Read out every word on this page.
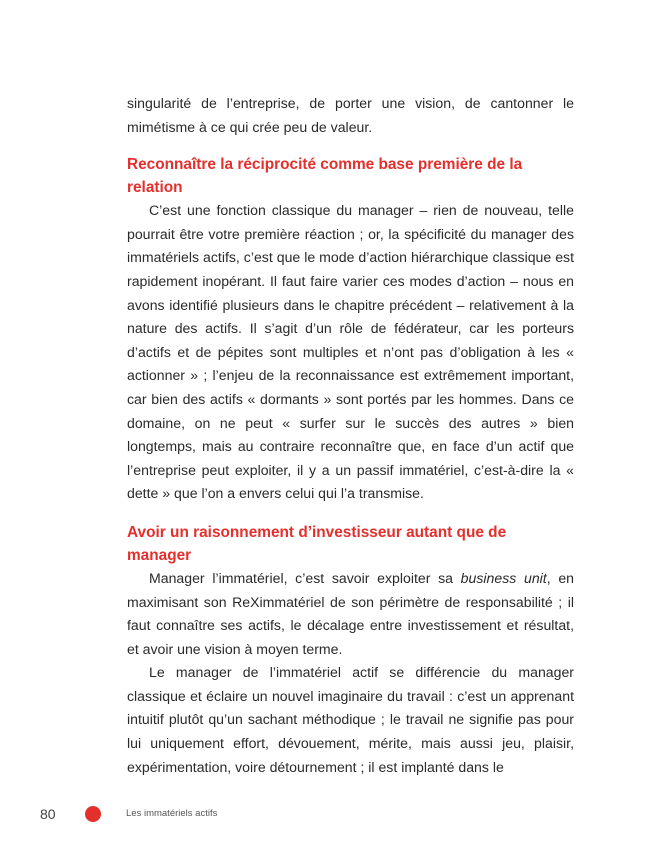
singularité de l’entreprise, de porter une vision, de cantonner le mimétisme à ce qui crée peu de valeur.

Reconnaître la réciprocité comme base première de la relation

C’est une fonction classique du manager – rien de nouveau, telle pourrait être votre première réaction ; or, la spécificité du manager des immatériels actifs, c’est que le mode d’action hiérarchique classique est rapidement inopérant. Il faut faire varier ces modes d’action – nous en avons identifié plusieurs dans le chapitre précédent – relativement à la nature des actifs. Il s’agit d’un rôle de fédérateur, car les porteurs d’actifs et de pépites sont multiples et n’ont pas d’obligation à les « actionner » ; l’enjeu de la reconnaissance est extrêmement important, car bien des actifs « dormants » sont portés par les hommes. Dans ce domaine, on ne peut « surfer sur le succès des autres » bien longtemps, mais au contraire reconnaître que, en face d’un actif que l’entreprise peut exploiter, il y a un passif immatériel, c’est-à-dire la « dette » que l’on a envers celui qui l’a transmise.

Avoir un raisonnement d’investisseur autant que de manager

Manager l’immatériel, c’est savoir exploiter sa business unit, en maximisant son ReXimmatériel de son périmètre de responsabilité ; il faut connaître ses actifs, le décalage entre investissement et résultat, et avoir une vision à moyen terme.

Le manager de l’immatériel actif se différencie du manager classique et éclaire un nouvel imaginaire du travail : c’est un apprenant intuitif plutôt qu’un sachant méthodique ; le travail ne signifie pas pour lui uniquement effort, dévouement, mérite, mais aussi jeu, plaisir, expérimentation, voire détournement ; il est implanté dans le

80	Les immatériels actifs
